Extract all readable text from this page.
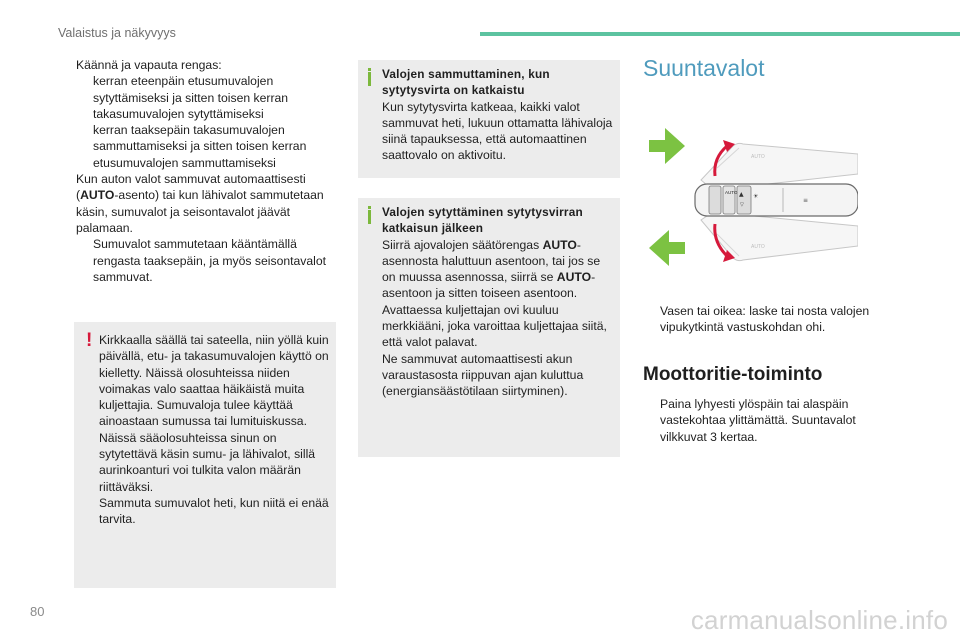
Valaistus ja näkyvyys

Käännä ja vapauta rengas:

kerran eteenpäin etusumuvalojen sytyttämiseksi ja sitten toisen kerran takasumuvalojen sytyttämiseksi
kerran taaksepäin takasumuvalojen sammuttamiseksi ja sitten toisen kerran etusumuvalojen sammuttamiseksi

Kun auton valot sammuvat automaattisesti (AUTO-asento) tai kun lähivalot sammutetaan käsin, sumuvalot ja seisontavalot jäävät palamaan.

Sumuvalot sammutetaan kääntämällä rengasta taaksepäin, ja myös seisontavalot sammuvat.
! Kirkkaalla säällä tai sateella, niin yöllä kuin päivällä, etu- ja takasumuvalojen käyttö on kielletty. Näissä olosuhteissa niiden voimakas valo saattaa häikäistä muita kuljettajia. Sumuvaloja tulee käyttää ainoastaan sumussa tai lumituiskussa. Näissä sääolosuhteissa sinun on sytytettävä käsin sumu- ja lähivalot, sillä aurinkoanturi voi tulkita valon määrän riittäväksi.

Sammuta sumuvalot heti, kun niitä ei enää tarvita.

Valojen sammuttaminen, kun sytytysvirta on katkaistu

Kun sytytysvirta katkeaa, kaikki valot sammuvat heti, lukuun ottamatta lähivaloja siinä tapauksessa, että automaattinen saattovalo on aktivoitu.

Valojen sytyttäminen sytytysvirran katkaisun jälkeen

Siirrä ajovalojen säätörengas AUTO-asennosta haluttuun asentoon, tai jos se on muussa asennossa, siirrä se AUTO-asentoon ja sitten toiseen asentoon.

Avattaessa kuljettajan ovi kuuluu merkkiääni, joka varoittaa kuljettajaa siitä, että valot palavat.

Ne sammuvat automaattisesti akun varaustasosta riippuvan ajan kuluttua (energiansäästötilaan siirtyminen).

Suuntavalot
AUTO
AUTO
AUTO ▲
▽
☀
≡
Vasen tai oikea: laske tai nosta valojen vipukytkintä vastuskohdan ohi.
Moottoritie-toiminto
Paina lyhyesti ylöspäin tai alaspäin vastekohtaa ylittämättä. Suuntavalot vilkkuvat 3 kertaa.
80	carmanualsonline.info
